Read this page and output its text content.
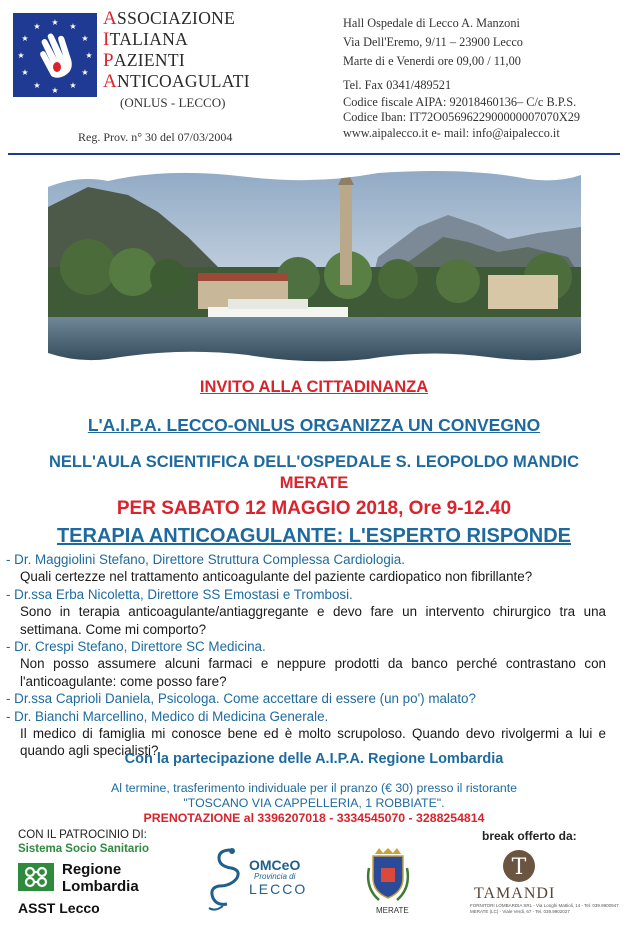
★ ★
★
★
★
★
★
★
★
★
★
★	ASSOCIAZIONE
ITALIANA
PAZIENTI
ANTICOAGULATI
(ONLUS - LECCO)
Reg. Prov. n° 30 del 07/03/2004
Hall Ospedale di Lecco A. Manzoni
Via Dell'Eremo, 9/11 – 23900 Lecco
Marte di e Venerdi ore 09,00 / 11,00
Tel. Fax 0341/489521
Codice fiscale AIPA: 92018460136– C/c B.P.S.
Codice Iban: IT72O0569622900000007070X29
www.aipalecco.it e- mail: info@aipalecco.it
INVITO ALLA CITTADINANZA
L'A.I.P.A. LECCO-ONLUS ORGANIZZA UN CONVEGNO
NELL'AULA SCIENTIFICA DELL'OSPEDALE S. LEOPOLDO MANDIC
MERATE
PER SABATO 12 MAGGIO 2018, Ore 9-12.40
TERAPIA ANTICOAGULANTE: L'ESPERTO RISPONDE
- Dr. Maggiolini Stefano, Direttore Struttura Complessa Cardiologia.
Quali certezze nel trattamento anticoagulante del paziente cardiopatico non fibrillante?
- Dr.ssa Erba Nicoletta, Direttore SS Emostasi e Trombosi.
Sono in terapia anticoagulante/antiaggregante e devo fare un intervento chirurgico tra una settimana. Come mi comporto?
- Dr. Crespi Stefano, Direttore SC Medicina.
Non posso assumere alcuni farmaci e neppure prodotti da banco perché contrastano con l'anticoagulante: come posso fare?
- Dr.ssa Caprioli Daniela, Psicologa. Come accettare di essere (un po') malato?
- Dr. Bianchi Marcellino, Medico di Medicina Generale.
Il medico di famiglia mi conosce bene ed è molto scrupoloso. Quando devo rivolgermi a lui e quando agli specialisti?
Con la partecipazione delle A.I.P.A. Regione Lombardia
Al termine, trasferimento individuale per il pranzo (€ 30) presso il ristorante
"TOSCANO VIA CAPPELLERIA, 1 ROBBIATE".
PRENOTAZIONE al 3396207018 - 3334545070 - 3288254814
CON IL PATROCINIO DI:
Sistema Socio Sanitario
Regione
Lombardia
ASST Lecco
OMCeO
Provincia di
LECCO
MERATE
break offerto da:
T
TAMANDI
FORNITORI LOMBARDIA SRL - Via Longhi Mattioli, 14 - Tel. 039.9900947
MERATE (LC) - Viale Verdi, 67 - Tel. 039.9902027
